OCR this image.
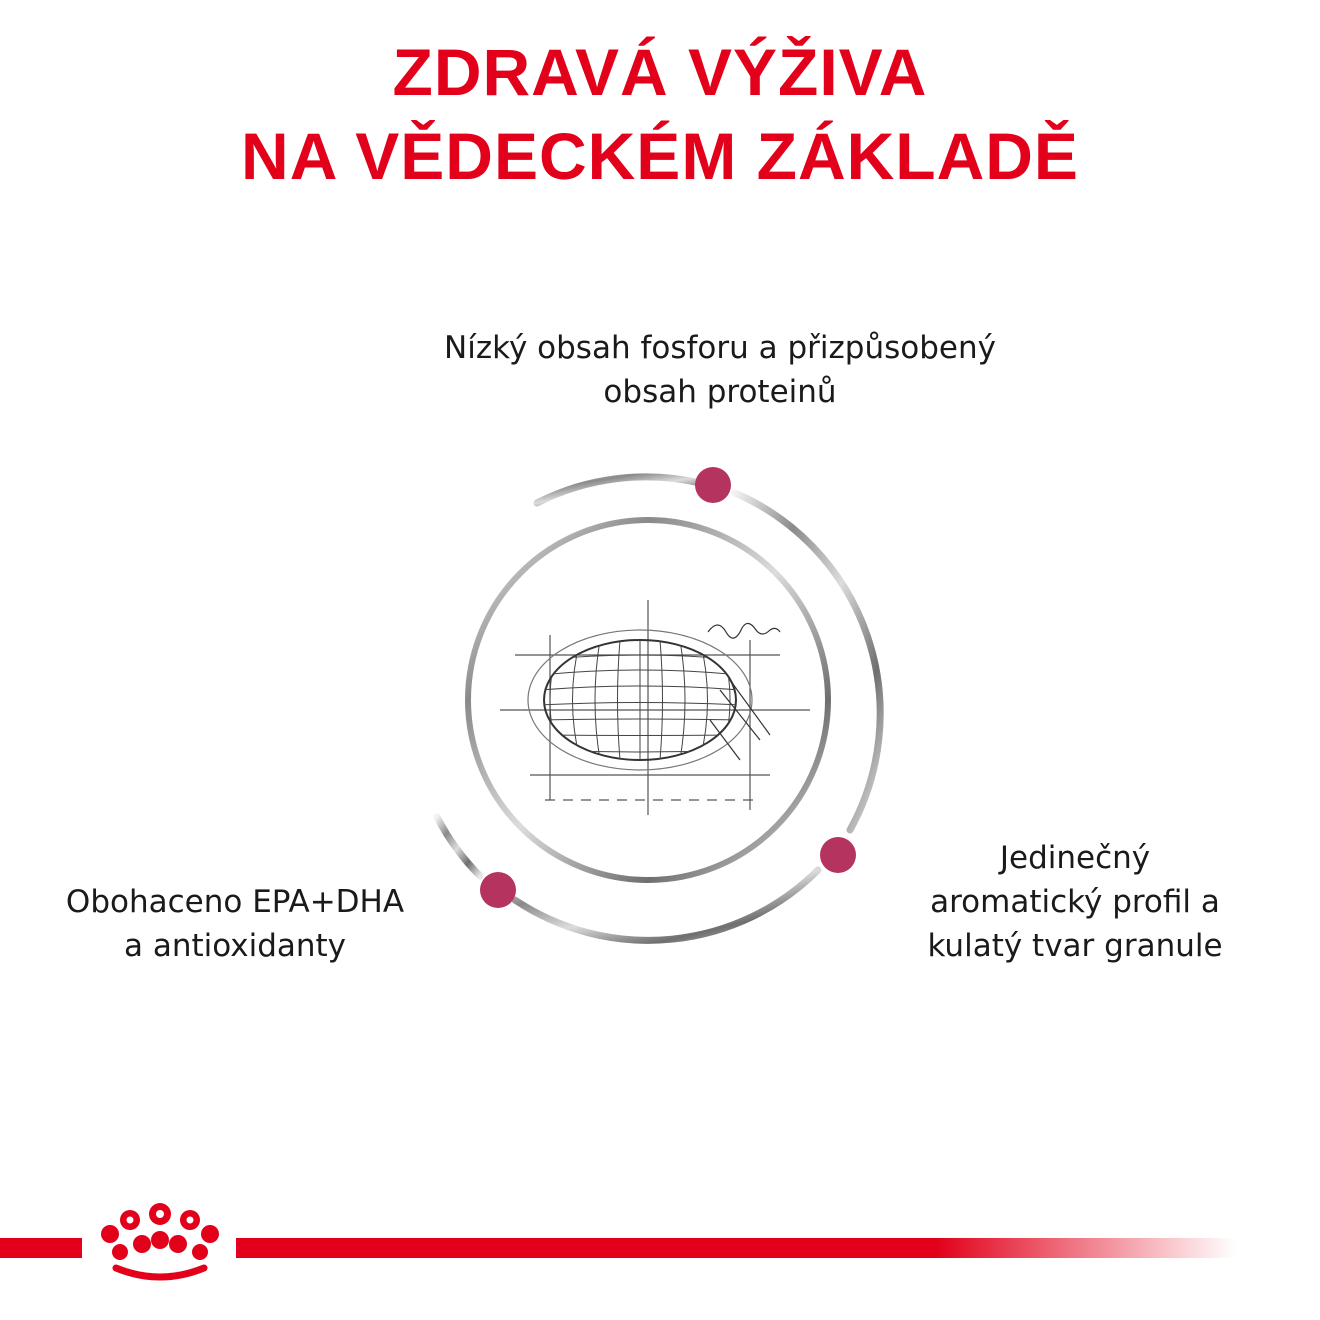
ZDRAVÁ VÝŽIVA
NA VĚDECKÉM ZÁKLADĚ
Nízký obsah fosforu a přizpůsobený
obsah proteinů
Obohaceno EPA+DHA
a antioxidanty
Jedinečný
aromatický profil a
kulatý tvar granule
